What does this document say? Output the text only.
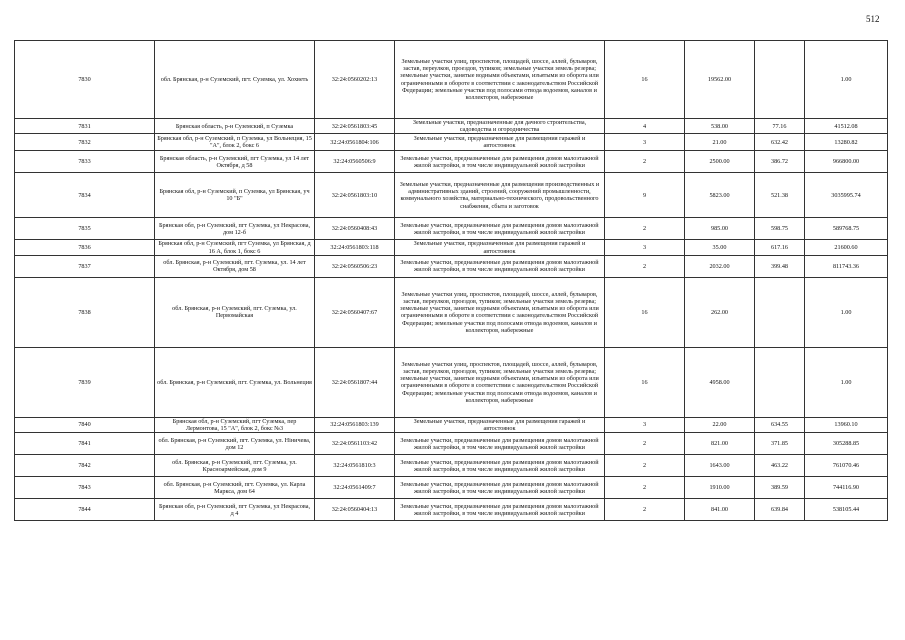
512
7830	обл. Брянская, р-н Суземский, пгт. Суземка, ул. Хохветь	32:24:0560202:13	Земельные участки улиц, проспектов, площадей, шоссе, аллей, бульваров, застав, переулков, проездов, тупиков; земельные участки земель резерва; земельные участки, занятые водными объектами, изъятыми из оборота или ограниченными в обороте в соответствии с законодательством Российской Федерации; земельные участки под полосами отвода водоемов, каналов и коллекторов, набережные	16	19562.00		1.00
7831	Брянская область, р-н Суземский, п Суземка	32:24:0561803:45	Земельные участки, предназначенные для дачного строительства, садоводства и огородничества	4	538.00	77.16	41512.08
7832	Брянская обл, р-н Суземский, п Суземка, ул Вольнеция, 15 "А", блок 2, бокс 6	32:24:0561804:106	Земельные участки, предназначенные для размещения гаражей и автостоянок	3	21.00	632.42	13280.82
7833	Брянская область, р-н Суземский, пгт Суземка, ул 14 лет Октября, д 58	32:24:0560506:9	Земельные участки, предназначенные для размещения домов малоэтажной жилой застройки, в том числе индивидуальной жилой застройки	2	2500.00	386.72	966800.00
7834	Брянская обл, р-н Суземский, п Суземка, ул Брянская, уч 10 "Б"	32:24:0561803:10	Земельные участки, предназначенные для размещения производственных и административных зданий, строений, сооружений промышленности, коммунального хозяйства, материально-технического, продовольственного снабжения, сбыта и заготовок	9	5823.00	521.38	3035995.74
7835	Брянская обл, р-н Суземский, пгт Суземка, ул Некрасова, дом 12-б	32:24:0560408:43	Земельные участки, предназначенные для размещения домов малоэтажной жилой застройки, в том числе индивидуальной жилой застройки	2	985.00	598.75	589768.75
7836	Брянская обл, р-н Суземский, пгт Суземка, ул Брянская, д 16 А, блок 1, бокс 6	32:24:0561803:118	Земельные участки, предназначенные для размещения гаражей и автостоянок	3	35.00	617.16	21600.60
7837	обл. Брянская, р-н Суземский, пгт. Суземка, ул. 14 лет Октября, дом 58	32:24:0560506:23	Земельные участки, предназначенные для размещения домов малоэтажной жилой застройки, в том числе индивидуальной жилой застройки	2	2032.00	399.48	811743.36
7838	обл. Брянская, р-н Суземский, пгт. Суземка, ул. Первомайская	32:24:0560407:67	Земельные участки улиц, проспектов, площадей, шоссе, аллей, бульваров, застав, переулков, проездов, тупиков; земельные участки земель резерва; земельные участки, занятые водными объектами, изъятыми из оборота или ограниченными в обороте в соответствии с законодательством Российской Федерации; земельные участки под полосами отвода водоемов, каналов и коллекторов, набережные	16	262.00		1.00
7839	обл. Брянская, р-н Суземский, пгт. Суземка, ул. Вольнеция	32:24:0561807:44	Земельные участки улиц, проспектов, площадей, шоссе, аллей, бульваров, застав, переулков, проездов, тупиков; земельные участки земель резерва; земельные участки, занятые водными объектами, изъятыми из оборота или ограниченными в обороте в соответствии с законодательством Российской Федерации; земельные участки под полосами отвода водоемов, каналов и коллекторов, набережные	16	4958.00		1.00
7840	Брянская обл, р-н Суземский, пгт Суземка, пер Лермонтова, 15 "А", блок 2, бокс №3	32:24:0561803:139	Земельные участки, предназначенные для размещения гаражей и автостоянок	3	22.00	634.55	13960.10
7841	обл. Брянская, р-н Суземский, пгт. Суземка, ул. Ніничева, дом 12	32:24:0561103:42	Земельные участки, предназначенные для размещения домов малоэтажной жилой застройки, в том числе индивидуальной жилой застройки	2	821.00	371.85	305288.85
7842	обл. Брянская, р-н Суземский, пгт. Суземка, ул. Красноармейская, дом 9	32:24:0561810:3	Земельные участки, предназначенные для размещения домов малоэтажной жилой застройки, в том числе индивидуальной жилой застройки	2	1643.00	463.22	761070.46
7843	обл. Брянская, р-н Суземский, пгт. Суземка, ул. Карла Маркса, дом 64	32:24:0561409:7	Земельные участки, предназначенные для размещения домов малоэтажной жилой застройки, в том числе индивидуальной жилой застройки	2	1910.00	389.59	744116.90
7844	Брянская обл, р-н Суземский, пгт Суземка, ул Некрасова, д 4	32:24:0560404:13	Земельные участки, предназначенные для размещения домов малоэтажной жилой застройки, в том числе индивидуальной жилой застройки	2	841.00	639.84	538105.44
